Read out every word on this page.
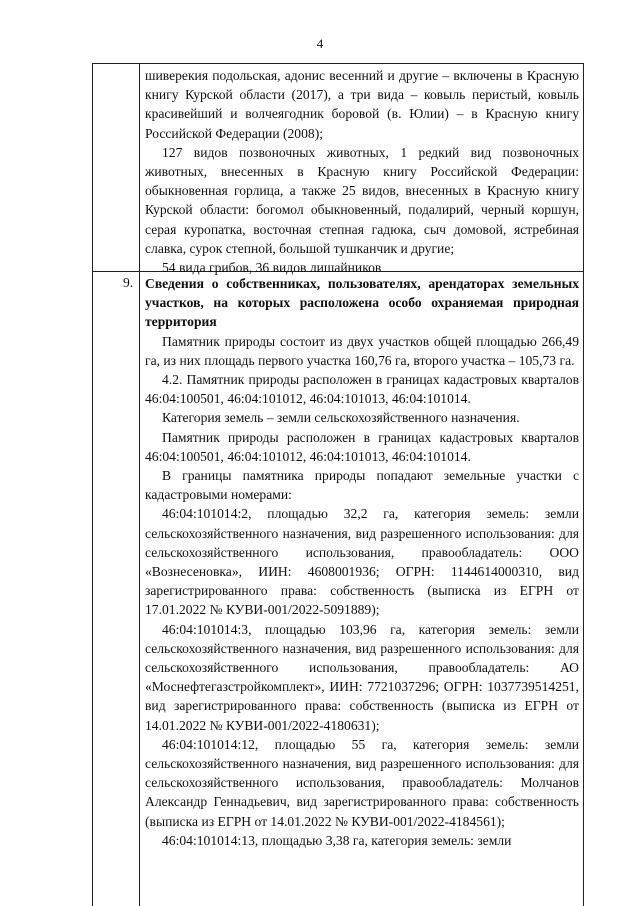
4
9.

шиверекия подольская, адонис весенний и другие – включены в Красную книгу Курской области (2017), а три вида – ковыль перистый, ковыль красивейший и волчеягодник боровой (в. Юлии) – в Красную книгу Российской Федерации (2008);

127 видов позвоночных животных, 1 редкий вид позвоночных животных, внесенных в Красную книгу Российской Федерации: обыкновенная горлица, а также 25 видов, внесенных в Красную книгу Курской области: богомол обыкновенный, подалирий, черный коршун, серая куропатка, восточная степная гадюка, сыч домовой, ястребиная славка, сурок степной, большой тушканчик и другие;

54 вида грибов, 36 видов лишайников

Сведения о собственниках, пользователях, арендаторах земельных участков, на которых расположена особо охраняемая природная территория

Памятник природы состоит из двух участков общей площадью 266,49 га, из них площадь первого участка 160,76 га, второго участка – 105,73 га.

4.2. Памятник природы расположен в границах кадастровых кварталов 46:04:100501, 46:04:101012, 46:04:101013, 46:04:101014.

Категория земель – земли сельскохозяйственного назначения.

Памятник природы расположен в границах кадастровых кварталов 46:04:100501, 46:04:101012, 46:04:101013, 46:04:101014.

В границы памятника природы попадают земельные участки с кадастровыми номерами:

46:04:101014:2, площадью 32,2 га, категория земель: земли сельскохозяйственного назначения, вид разрешенного использования: для сельскохозяйственного использования, правообладатель: ООО «Вознесеновка», ИИН: 4608001936; ОГРН: 1144614000310, вид зарегистрированного права: собственность (выписка из ЕГРН от 17.01.2022 № КУВИ-001/2022-5091889);

46:04:101014:3, площадью 103,96 га, категория земель: земли сельскохозяйственного назначения, вид разрешенного использования: для сельскохозяйственного использования, правообладатель: АО «Моснефтегазстройкомплект», ИИН: 7721037296; ОГРН: 1037739514251, вид зарегистрированного права: собственность (выписка из ЕГРН от 14.01.2022 № КУВИ-001/2022-4180631);

46:04:101014:12, площадью 55 га, категория земель: земли сельскохозяйственного назначения, вид разрешенного использования: для сельскохозяйственного использования, правообладатель: Молчанов Александр Геннадьевич, вид зарегистрированного права: собственность (выписка из ЕГРН от 14.01.2022 № КУВИ-001/2022-4184561);

46:04:101014:13, площадью 3,38 га, категория земель: земли
